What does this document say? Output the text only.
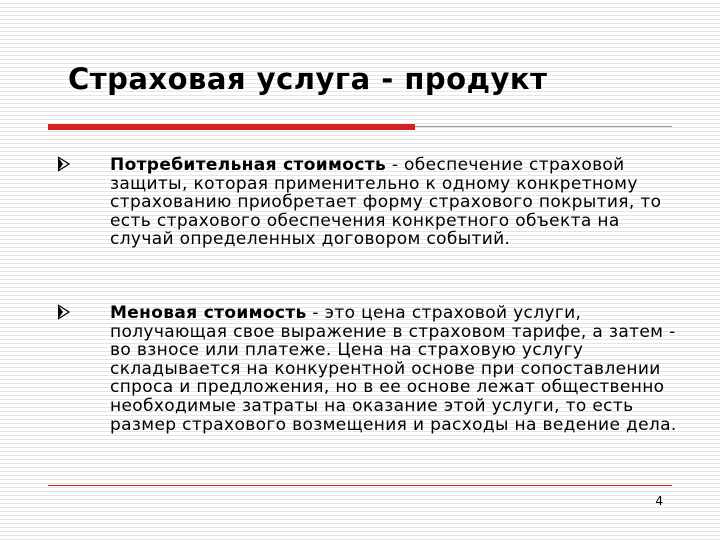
Страховая услуга - продукт

Потребительная стоимость - обеспечение страховой защиты, которая применительно к одному конкретному страхованию приобретает форму страхового покрытия, то есть страхового обеспечения конкретного объекта на случай определенных договором событий.

Меновая стоимость - это цена страховой услуги, получающая свое выражение в страховом тарифе, а затем - во взносе или платеже. Цена на страховую услугу складывается на конкурентной основе при сопоставлении спроса и предложения, но в ее основе лежат общественно необходимые затраты на оказание этой услуги, то есть размер страхового возмещения и расходы на ведение дела.

4
